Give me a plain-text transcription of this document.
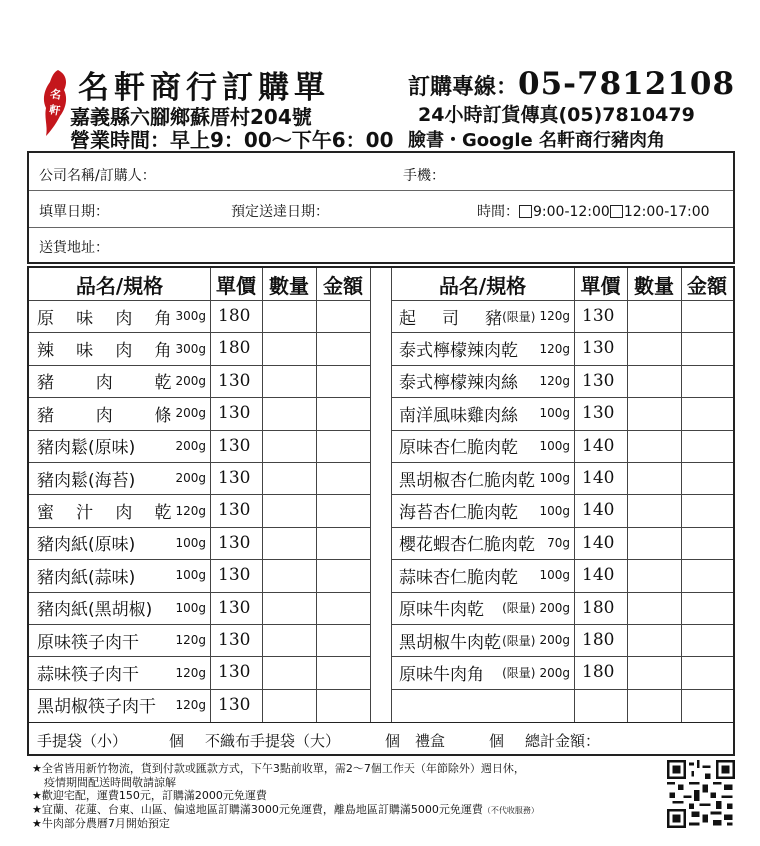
名
軒
名軒商行訂購單
嘉義縣六腳鄉蘇厝村204號
營業時間：早上9：00～下午6：00
訂購專線：05-7812108
24小時訂貨傳真(05)7810479
臉書・Google 名軒商行豬肉角
公司名稱/訂購人：	手機：
填單日期：	預定送達日期：	時間： 9:00-12:00 12:00-17:00
送貨地址：
手提袋（小）	個 不織布手提袋（大）	個 禮盒	個 總計金額：
品名/規格	單價 數量 金額	品名/規格	單價 數量 金額
原 味 肉 角 300g 180
辣 味 肉 角 300g 180
豬 肉 乾 200g 130
豬 肉 條 200g 130
豬肉鬆(原味)	200g 130
豬肉鬆(海苔)	200g 130
蜜 汁 肉 乾 120g 130
豬肉紙(原味)	100g 130
豬肉紙(蒜味)	100g 130
豬肉紙(黑胡椒)	100g 130
原味筷子肉干	120g 130
蒜味筷子肉干	120g 130
黑胡椒筷子肉干	120g 130
起 司 豬 (限量) 120g 130
泰式檸檬辣肉乾	120g 130
泰式檸檬辣肉絲	120g 130
南洋風味雞肉絲	100g 130
原味杏仁脆肉乾	100g 140
黑胡椒杏仁脆肉乾 100g 140
海苔杏仁脆肉乾	100g 140
櫻花蝦杏仁脆肉乾	70g 140
蒜味杏仁脆肉乾	100g 140
原味牛肉乾	(限量) 200g 180
黑胡椒牛肉乾 (限量) 200g 180
原味牛肉角	(限量) 200g 180
★全省皆用新竹物流，貨到付款或匯款方式，下午3點前收單，需2～7個工作天（年節除外）週日休，
疫情期間配送時間敬請諒解
★歡迎宅配，運費150元，訂購滿2000元免運費
★宜蘭、花蓮、台東、山區、偏遠地區訂購滿3000元免運費，離島地區訂購滿5000元免運費（不代收服務）
★牛肉部分農曆7月開始預定
